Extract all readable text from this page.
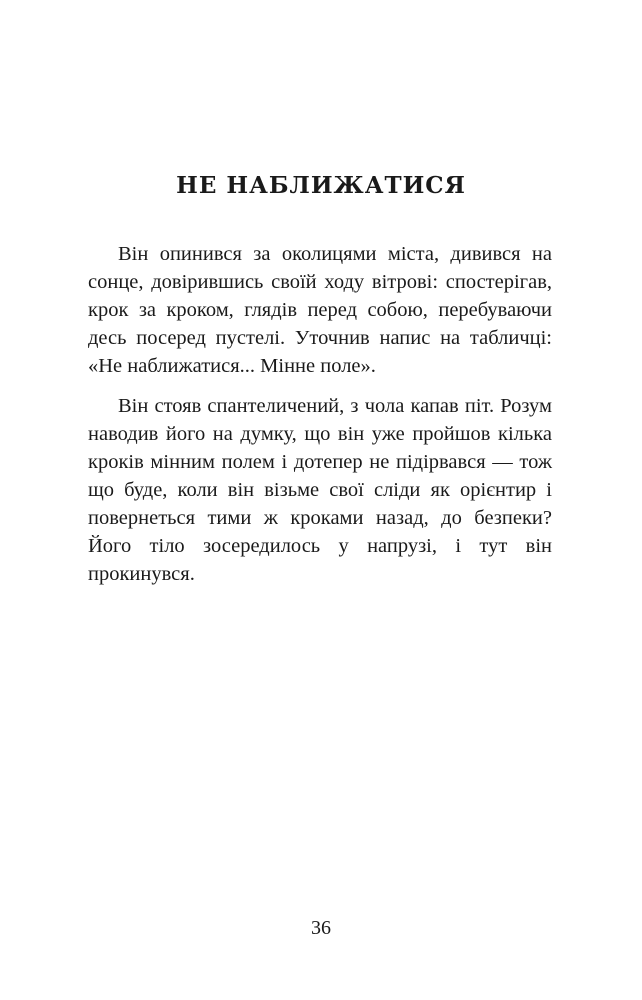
НЕ НАБЛИЖАТИСЯ

Він опинився за околицями міста, дивився на сонце, довірившись своїй ходу вітрові: спостерігав, крок за кроком, глядів перед собою, перебуваючи десь посеред пустелі. Уточнив напис на табличці: «Не наближатися... Мінне поле».

Він стояв спантеличений, з чола капав піт. Розум наводив його на думку, що він уже пройшов кілька кроків мінним полем і дотепер не підірвався — тож що буде, коли він візьме свої сліди як орієнтир і повернеться тими ж кроками назад, до безпеки? Його тіло зосередилось у напрузі, і тут він прокинувся.

36
